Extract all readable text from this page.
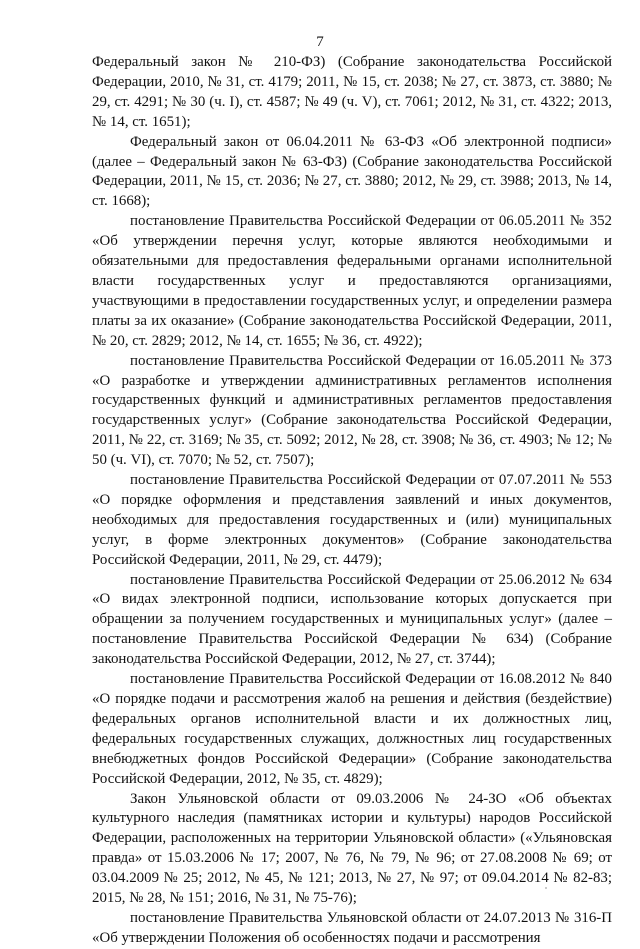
7

Федеральный закон № 210-ФЗ) (Собрание законодательства Российской Федерации, 2010, № 31, ст. 4179; 2011, № 15, ст. 2038; № 27, ст. 3873, ст. 3880; № 29, ст. 4291; № 30 (ч. I), ст. 4587; № 49 (ч. V), ст. 7061; 2012, № 31, ст. 4322; 2013, № 14, ст. 1651);

Федеральный закон от 06.04.2011 № 63-ФЗ «Об электронной подписи» (далее – Федеральный закон № 63-ФЗ) (Собрание законодательства Российской Федерации, 2011, № 15, ст. 2036; № 27, ст. 3880; 2012, № 29, ст. 3988; 2013, № 14, ст. 1668);

постановление Правительства Российской Федерации от 06.05.2011 № 352 «Об утверждении перечня услуг, которые являются необходимыми и обязательными для предоставления федеральными органами исполнительной власти государственных услуг и предоставляются организациями, участвующими в предоставлении государственных услуг, и определении размера платы за их оказание» (Собрание законодательства Российской Федерации, 2011, № 20, ст. 2829; 2012, № 14, ст. 1655; № 36, ст. 4922);

постановление Правительства Российской Федерации от 16.05.2011 № 373 «О разработке и утверждении административных регламентов исполнения государственных функций и административных регламентов предоставления государственных услуг» (Собрание законодательства Российской Федерации, 2011, № 22, ст. 3169; № 35, ст. 5092; 2012, № 28, ст. 3908; № 36, ст. 4903; № 12; № 50 (ч. VI), ст. 7070; № 52, ст. 7507);

постановление Правительства Российской Федерации от 07.07.2011 № 553 «О порядке оформления и представления заявлений и иных документов, необходимых для предоставления государственных и (или) муниципальных услуг, в форме электронных документов» (Собрание законодательства Российской Федерации, 2011, № 29, ст. 4479);

постановление Правительства Российской Федерации от 25.06.2012 № 634 «О видах электронной подписи, использование которых допускается при обращении за получением государственных и муниципальных услуг» (далее – постановление Правительства Российской Федерации № 634) (Собрание законодательства Российской Федерации, 2012, № 27, ст. 3744);

постановление Правительства Российской Федерации от 16.08.2012 № 840 «О порядке подачи и рассмотрения жалоб на решения и действия (бездействие) федеральных органов исполнительной власти и их должностных лиц, федеральных государственных служащих, должностных лиц государственных внебюджетных фондов Российской Федерации» (Собрание законодательства Российской Федерации, 2012, № 35, ст. 4829);

Закон Ульяновской области от 09.03.2006 № 24-ЗО «Об объектах культурного наследия (памятниках истории и культуры) народов Российской Федерации, расположенных на территории Ульяновской области» («Ульяновская правда» от 15.03.2006 № 17; 2007, № 76, № 79, № 96; от 27.08.2008 № 69; от 03.04.2009 № 25; 2012, № 45, № 121; 2013, № 27, № 97; от 09.04.2014 № 82-83; 2015, № 28, № 151; 2016, № 31, № 75-76);

постановление Правительства Ульяновской области от 24.07.2013 № 316-П «Об утверждении Положения об особенностях подачи и рассмотрения
